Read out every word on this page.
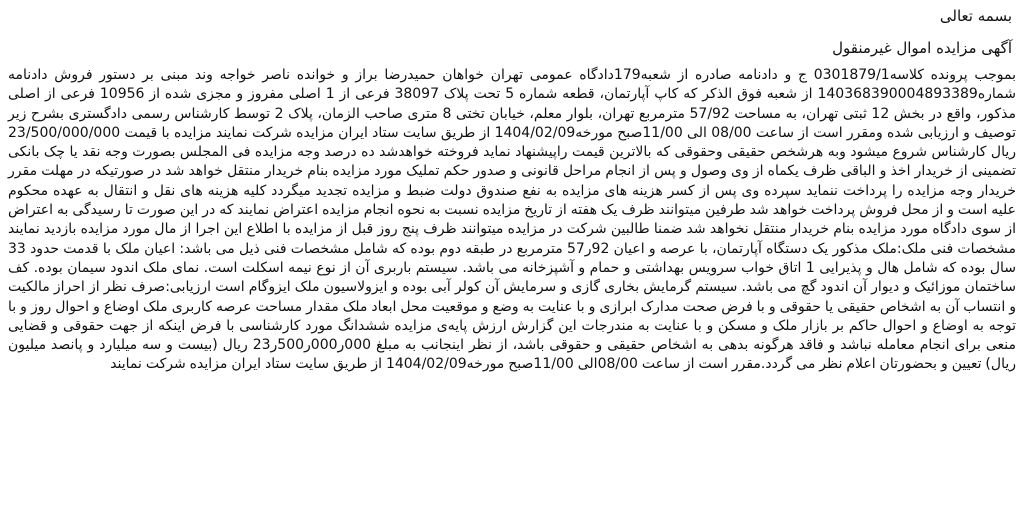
بسمه تعالی
آگهی مزایده اموال غیرمنقول

بموجب پرونده کلاسه0301879/1 ج و دادنامه صادره از شعبه179دادگاه عمومی تهران خواهان حمیدرضا براز و خوانده ناصر خواجه وند مبنی بر دستور فروش دادنامه شماره140368390004893389 از شعبه فوق الذکر که کاپ آپارتمان، قطعه شماره 5 تحت پلاک 38097 فرعی از 1 اصلی مفروز و مجزی شده از 10956 فرعی از اصلی مذکور، واقع در بخش 12 ثبتی تهران، به مساحت 57/92 مترمربع تهران، بلوار معلم، خیابان تختی 8 متری صاحب الزمان، پلاک 2 توسط کارشناس رسمی دادگستری بشرح زیر توصیف و ارزیابی شده ومقرر است از ساعت 08/00 الی 11/00صبح مورخه1404/02/09 از طریق سایت ستاد ایران مزایده شرکت نمایند مزایده با قیمت 23/500/000/000 ریال کارشناس شروع میشود وبه هرشخص حقیقی وحقوقی که بالاترین قیمت راپیشنهاد نماید فروخته خواهدشد ده درصد وجه مزایده فی المجلس بصورت وجه نقد یا چک بانکی تضمینی از خریدار اخذ و الباقی ظرف یکماه از وی وصول و پس از انجام مراحل قانونی و صدور حکم تملیک مورد مزایده بنام خریدار منتقل خواهد شد در صورتیکه در مهلت مقرر خریدار وجه مزایده را پرداخت ننماید سپرده وی پس از کسر هزینه های مزایده به نفع صندوق دولت ضبط و مزایده تجدید میگردد کلیه هزینه های نقل و انتقال به عهده محکوم علیه است و از محل فروش پرداخت خواهد شد طرفین میتوانند ظرف یک هفته از تاریخ مزایده نسبت به نحوه انجام مزایده اعتراض نمایند که در این صورت تا رسیدگی به اعتراض از سوی دادگاه مورد مزایده بنام خریدار منتقل نخواهد شد ضمنا طالبین شرکت در مزایده میتوانند ظرف پنج روز قبل از مزایده با اطلاع این اجرا از مال مورد مزایده بازدید نمایند مشخصات فنی ملک:ملک مذکور یک دستگاه آپارتمان، با عرصه و اعیان 92ر57 مترمربع در طبقه دوم بوده که شامل مشخصات فنی ذیل می باشد: اعیان ملک با قدمت حدود 33 سال بوده که شامل هال و پذیرایی 1 اتاق خواب سرویس بهداشتی و حمام و آشپزخانه می باشد. سیستم باربری آن از نوع نیمه اسکلت است. نمای ملک اندود سیمان بوده. کف ساختمان موزائیک و دیوار آن اندود گچ می باشد. سیستم گرمایش بخاری گازی و سرمایش آن کولر آبی بوده و ایزولاسیون ملک ایزوگام است ارزیابی:صرف نظر از احراز مالکیت و انتساب آن به اشخاص حقیقی یا حقوقی و با فرض صحت مدارک ابرازی و با عنایت به وضع و موقعیت محل ابعاد ملک مقدار مساحت عرصه کاربری ملک اوضاع و احوال روز و با توجه به اوضاع و احوال حاکم بر بازار ملک و مسکن و با عنایت به مندرجات این گزارش ارزش پایه‌ی مزایده ششدانگ مورد کارشناسی با فرض اینکه از جهت حقوقی و قضایی منعی برای انجام معامله نباشد و فاقد هرگونه بدهی به اشخاص حقیقی و حقوقی باشد، از نظر اینجانب به مبلغ 000ر000ر500ر23 ریال (بیست و سه میلیارد و پانصد میلیون ریال) تعیین و بحضورتان اعلام نظر می گردد.مقرر است از ساعت 08/00الی 11/00صبح مورخه1404/02/09 از طریق سایت ستاد ایران مزایده شرکت نمایند
